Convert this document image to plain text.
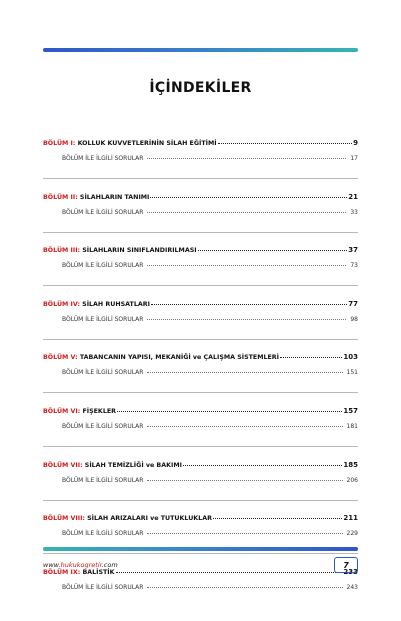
İÇİNDEKİLER
BÖLÜM I:
KOLLUK KUVVETLERİNİN SİLAH EĞİTİMİ	9
BÖLÜM İLE İLGİLİ SORULAR	17
BÖLÜM II:
SİLAHLARIN TANIMI	21
BÖLÜM İLE İLGİLİ SORULAR	33
BÖLÜM III:
SİLAHLARIN SINIFLANDIRILMASI	37
BÖLÜM İLE İLGİLİ SORULAR	73
BÖLÜM IV:
SİLAH RUHSATLARI	77
BÖLÜM İLE İLGİLİ SORULAR	98
BÖLÜM V:
TABANCANIN YAPISI, MEKANİĞİ ve ÇALIŞMA SİSTEMLERİ	103
BÖLÜM İLE İLGİLİ SORULAR	151
BÖLÜM VI:
FİŞEKLER	157
BÖLÜM İLE İLGİLİ SORULAR	181
BÖLÜM VII:
SİLAH TEMİZLİĞİ ve BAKIMI	185
BÖLÜM İLE İLGİLİ SORULAR	206
BÖLÜM VIII:
SİLAH ARIZALARI ve TUTUKLUKLAR	211
BÖLÜM İLE İLGİLİ SORULAR	229
BÖLÜM IX:
BALİSTİK	233
BÖLÜM İLE İLGİLİ SORULAR	243
www.hukukogretir.com	7
